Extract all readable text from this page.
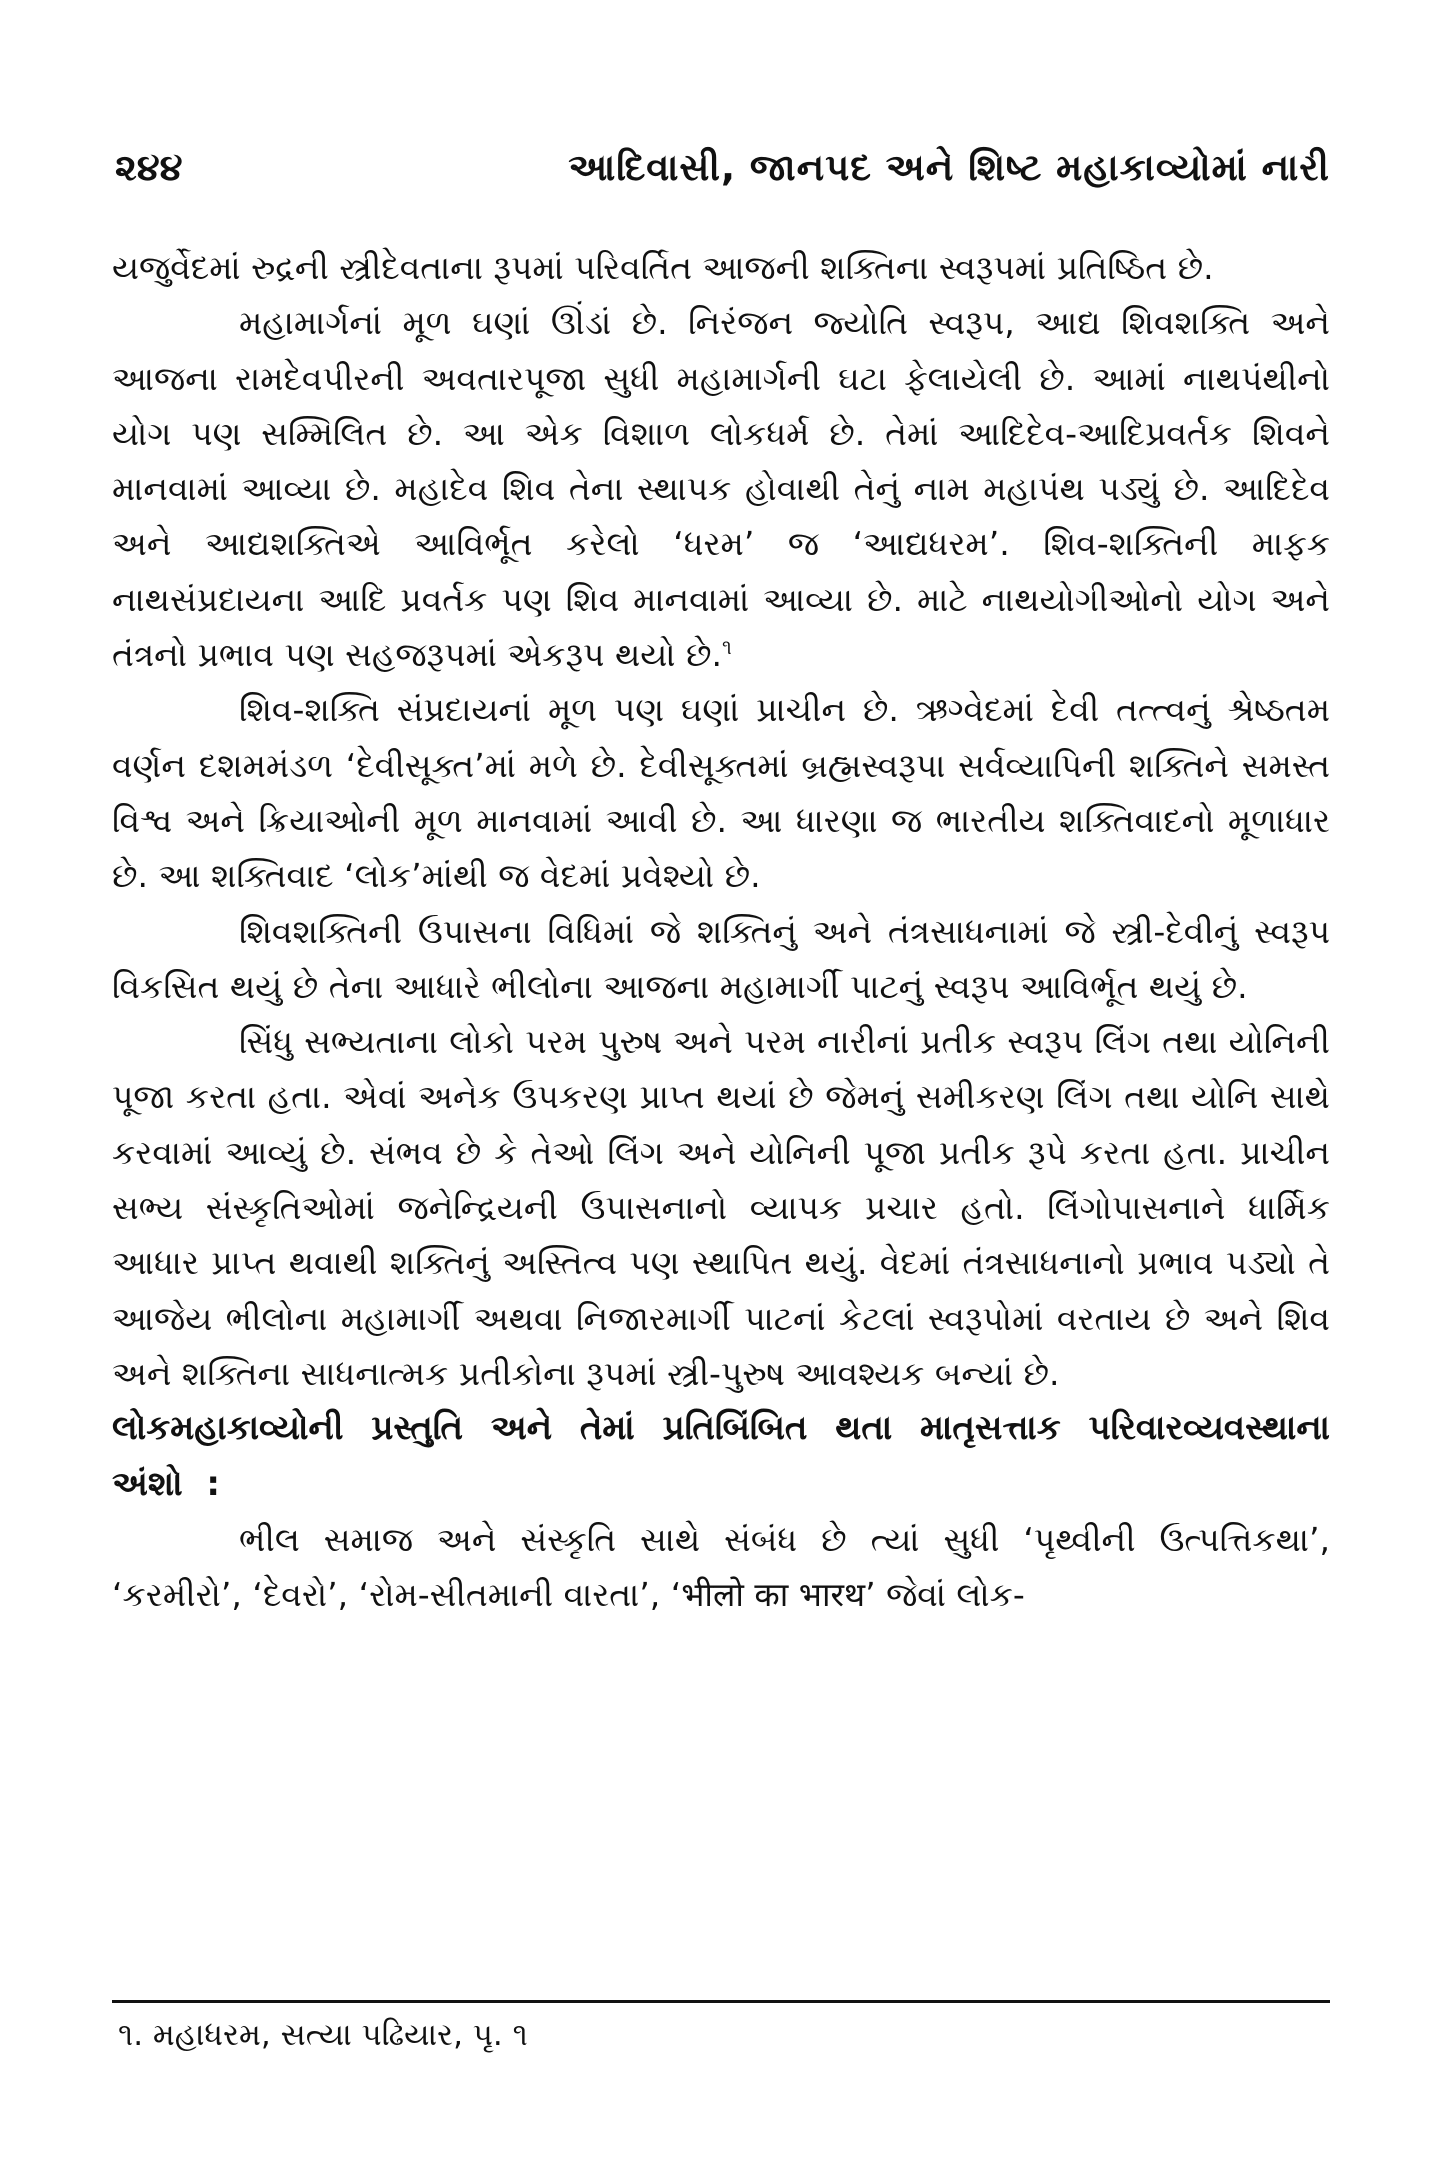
૨૪૪	આદિવાસી, જાનપદ અને શિષ્ટ મહાકાવ્યોમાં નારી

યજુર્વેદમાં રુદ્રની સ્ત્રીદેવતાના રૂપમાં પરિવર્તિત આજની શક્તિના સ્વરૂપમાં પ્રતિષ્ઠિત છે.

મહામાર્ગનાં મૂળ ઘણાં ઊંડાં છે. નિરંજન જ્યોતિ સ્વરૂપ, આદ્ય શિવશક્તિ અને આજના રામદેવપીરની અવતારપૂજા સુધી મહામાર્ગની ઘટા ફેલાયેલી છે. આમાં નાથપંથીનો યોગ પણ સમ્મિલિત છે. આ એક વિશાળ લોકધર્મ છે. તેમાં આદિદેવ-આદિપ્રવર્તક શિવને માનવામાં આવ્યા છે. મહાદેવ શિવ તેના સ્થાપક હોવાથી તેનું નામ મહાપંથ પડ્યું છે. આદિદેવ અને આદ્યશક્તિએ આવિર્ભૂત કરેલો ‘ધરમ’ જ ‘આદ્યધરમ’. શિવ-શક્તિની માફક નાથસંપ્રદાયના આદિ પ્રવર્તક પણ શિવ માનવામાં આવ્યા છે. માટે નાથયોગીઓનો યોગ અને તંત્રનો પ્રભાવ પણ સહજરૂપમાં એકરૂપ થયો છે.$^૧$

શિવ-શક્તિ સંપ્રદાયનાં મૂળ પણ ઘણાં પ્રાચીન છે. ઋગ્વેદમાં દેવી તત્ત્વનું શ્રેષ્ઠતમ વર્ણન દશમમંડળ ‘દેવીસૂક્ત’માં મળે છે. દેવીસૂક્તમાં બ્રહ્મસ્વરૂપા સર્વવ્યાપિની શક્તિને સમસ્ત વિશ્વ અને ક્રિયાઓની મૂળ માનવામાં આવી છે. આ ધારણા જ ભારતીય શક્તિવાદનો મૂળાધાર છે. આ શક્તિવાદ ‘લોક’માંથી જ વેદમાં પ્રવેશ્યો છે.

શિવશક્તિની ઉપાસના વિધિમાં જે શક્તિનું અને તંત્રસાધનામાં જે સ્ત્રી-દેવીનું સ્વરૂપ વિકસિત થયું છે તેના આધારે ભીલોના આજના મહામાર્ગી પાટનું સ્વરૂપ આવિર્ભૂત થયું છે.

સિંધુ સભ્યતાના લોકો પરમ પુરુષ અને પરમ નારીનાં પ્રતીક સ્વરૂપ લિંગ તથા યોનિની પૂજા કરતા હતા. એવાં અનેક ઉપકરણ પ્રાપ્ત થયાં છે જેમનું સમીકરણ લિંગ તથા યોનિ સાથે કરવામાં આવ્યું છે. સંભવ છે કે તેઓ લિંગ અને યોનિની પૂજા પ્રતીક રૂપે કરતા હતા. પ્રાચીન સભ્ય સંસ્કૃતિઓમાં જનેન્દ્રિયની ઉપાસનાનો વ્યાપક પ્રચાર હતો. લિંગોપાસનાને ધાર્મિક આધાર પ્રાપ્ત થવાથી શક્તિનું અસ્તિત્વ પણ સ્થાપિત થયું. વેદમાં તંત્રસાધનાનો પ્રભાવ પડ્યો તે આજેય ભીલોના મહામાર્ગી અથવા નિજારમાર્ગી પાટનાં કેટલાં સ્વરૂપોમાં વરતાય છે અને શિવ અને શક્તિના સાધનાત્મક પ્રતીકોના રૂપમાં સ્ત્રી-પુરુષ આવશ્યક બન્યાં છે.

લોકમહાકાવ્યોની પ્રસ્તુતિ અને તેમાં પ્રતિબિંબિત થતા માતૃસત્તાક પરિવારવ્યવસ્થાના અંશો :

ભીલ સમાજ અને સંસ્કૃતિ સાથે સંબંધ છે ત્યાં સુધી ‘પૃથ્વીની ઉત્પત્તિકથા’, ‘કરમીરો’, ‘દેવરો’, ‘રોમ-સીતમાની વારતા’, ‘भीलो का भारथ’ જેવાં લોક-

૧. મહાધરમ, સત્યા પઢિયાર, પૃ. ૧
